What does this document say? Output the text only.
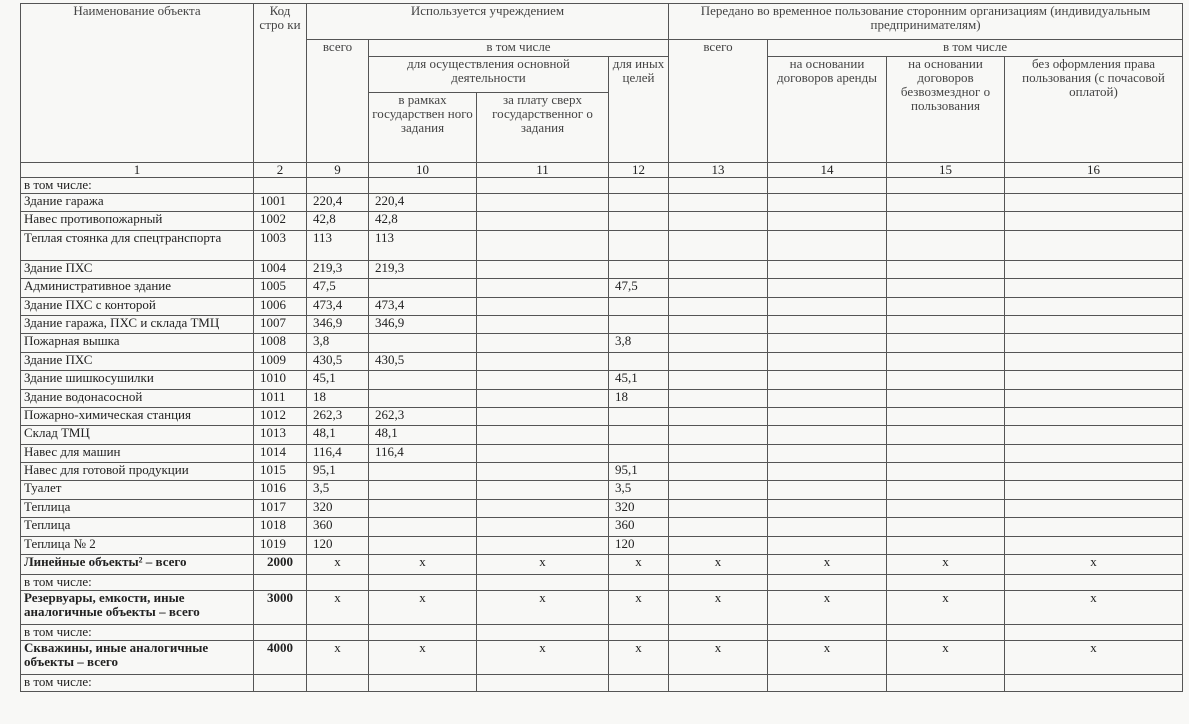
Наименование объекта	Код стро ки	Используется учреждением				Передано во временное пользование сторонним организациям (индивидуальным предпринимателям)			
		всего	в том числе			всего	в том числе		
			для осуществления основной деятельности		для иных целей		на основании договоров аренды	на основании договоров безвозмездног о пользования	без оформления права пользования (с почасовой оплатой)
			в рамках государствен ного задания	за плату сверх государственног о задания					
1	2	9	10	11	12	13	14	15	16
в том числе:									
Здание гаража	1001	220,4	220,4						
Навес противопожарный	1002	42,8	42,8						
Теплая стоянка для спецтранспорта	1003	113	113						
Здание ПХС	1004	219,3	219,3						
Административное здание	1005	47,5			47,5				
Здание ПХС с конторой	1006	473,4	473,4						
Здание гаража, ПХС и склада ТМЦ	1007	346,9	346,9						
Пожарная вышка	1008	3,8			3,8				
Здание ПХС	1009	430,5	430,5						
Здание шишкосушилки	1010	45,1			45,1				
Здание водонасосной	1011	18			18				
Пожарно-химическая станция	1012	262,3	262,3						
Склад ТМЦ	1013	48,1	48,1						
Навес для машин	1014	116,4	116,4						
Навес для готовой продукции	1015	95,1			95,1				
Туалет	1016	3,5			3,5				
Теплица	1017	320			320				
Теплица	1018	360			360				
Теплица № 2	1019	120			120				
Линейные объекты² – всего	2000	x	x	x	x	x	x	x	x
в том числе:									
Резервуары, емкости, иные аналогичные объекты – всего	3000	x	x	x	x	x	x	x	x
в том числе:									
Скважины, иные аналогичные объекты – всего	4000	x	x	x	x	x	x	x	x
в том числе:									
